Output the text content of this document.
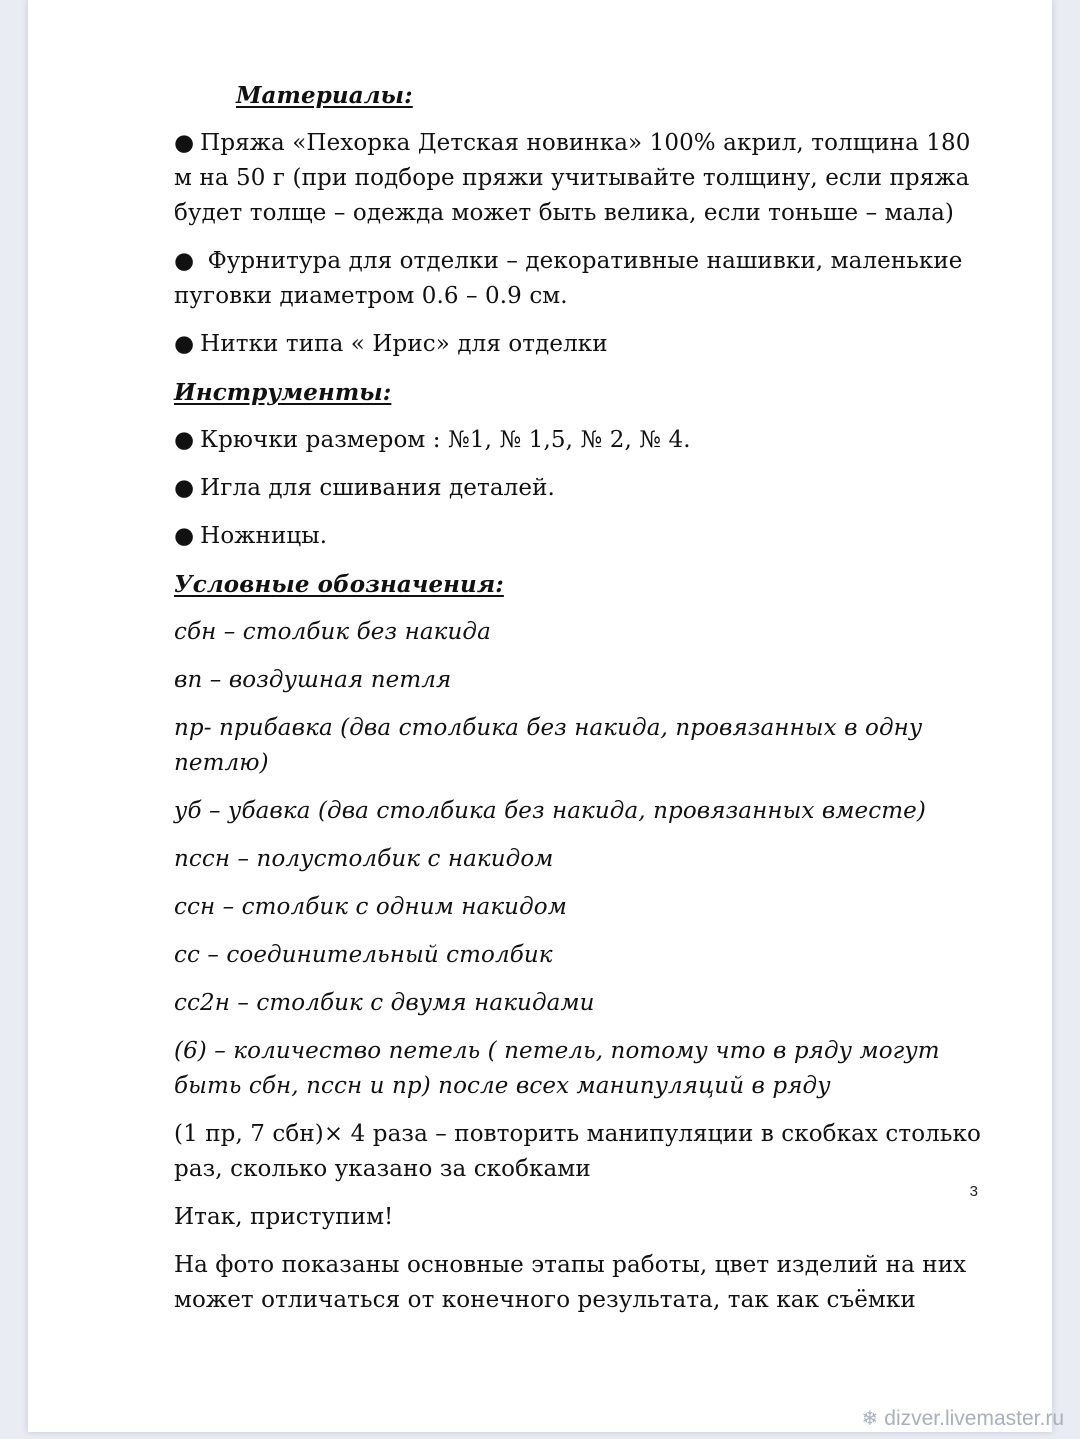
Материалы:

● Пряжа «Пехорка Детская новинка» 100% акрил, толщина 180 м на 50 г (при подборе пряжи учитывайте толщину, если пряжа будет толще – одежда может быть велика, если тоньше – мала)

● Фурнитура для отделки – декоративные нашивки, маленькие пуговки диаметром 0.6 – 0.9 см.

● Нитки типа « Ирис» для отделки

Инструменты:

● Крючки размером : №1, № 1,5, № 2, № 4.

● Игла для сшивания деталей.

● Ножницы.

Условные обозначения:

сбн – столбик без накида

вп – воздушная петля

пр- прибавка (два столбика без накида, провязанных в одну петлю)

уб – убавка (два столбика без накида, провязанных вместе)

пссн – полустолбик с накидом

ссн – столбик с одним накидом

сс – соединительный столбик

сс2н – столбик с двумя накидами

(6) – количество петель ( петель, потому что в ряду могут быть сбн, пссн и пр) после всех манипуляций в ряду

(1 пр, 7 сбн)× 4 раза – повторить манипуляции в скобках столько раз, сколько указано за скобками

Итак, приступим!

На фото показаны основные этапы работы, цвет изделий на них может отличаться от конечного результата, так как съёмки

3
❄ dizver.livemaster.ru
